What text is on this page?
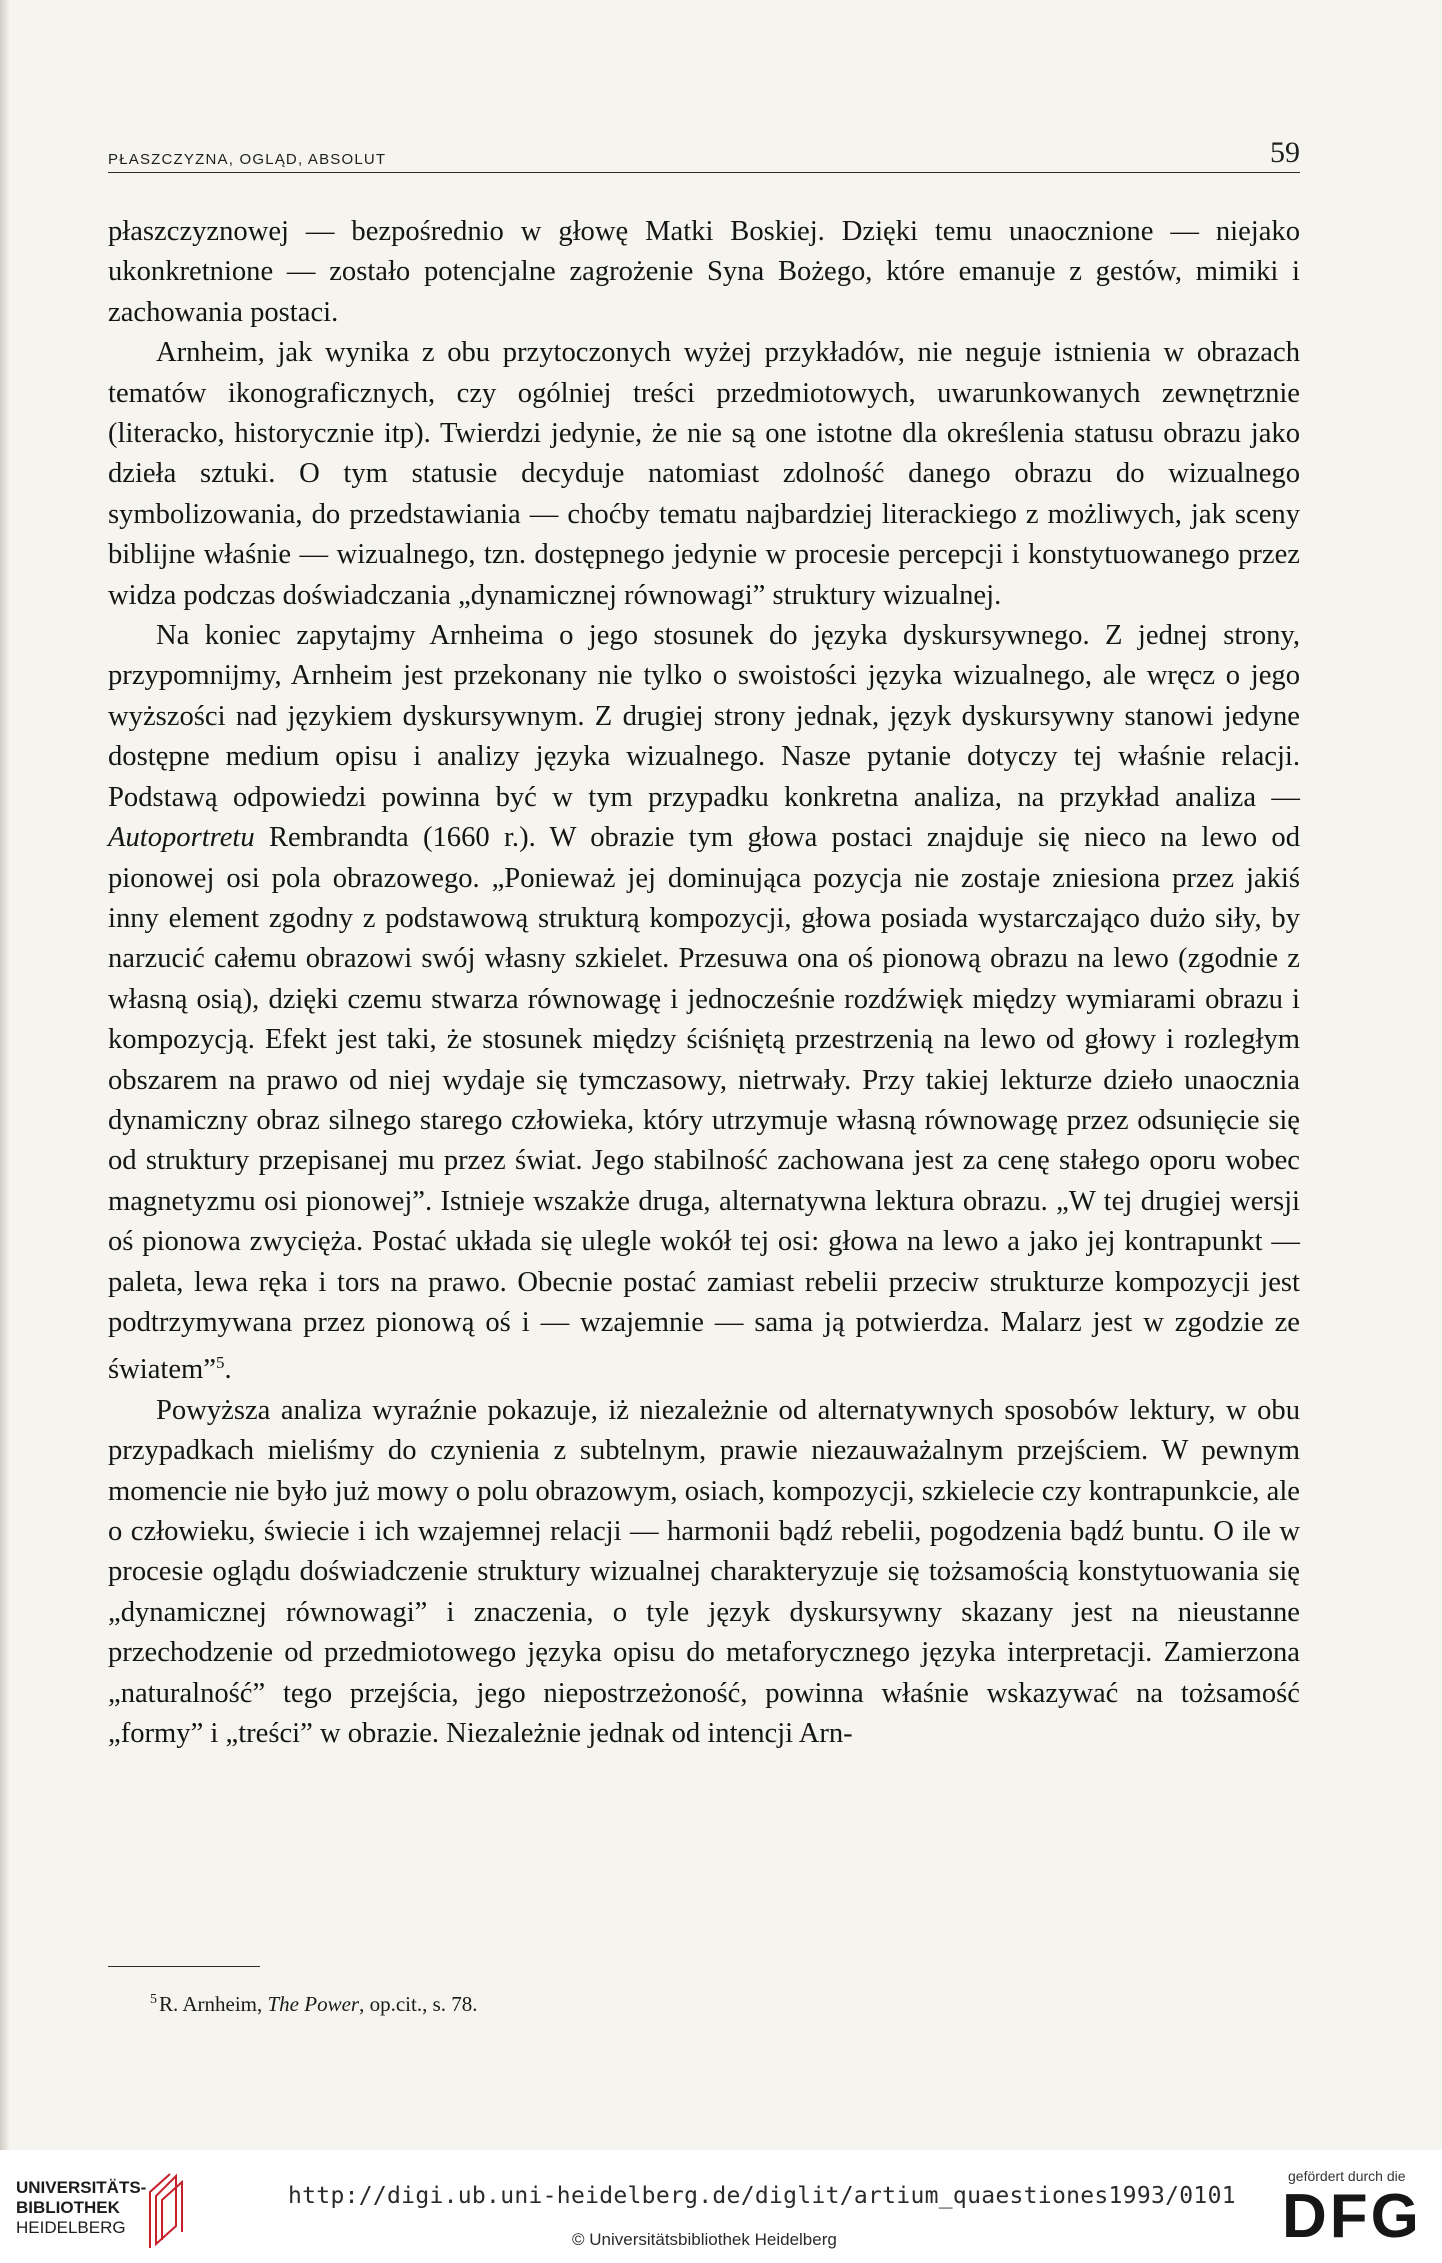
PŁASZCZYZNA, OGLĄD, ABSOLUT	59

płaszczyznowej — bezpośrednio w głowę Matki Boskiej. Dzięki temu unaocznione — niejako ukonkretnione — zostało potencjalne zagrożenie Syna Bożego, które emanuje z gestów, mimiki i zachowania postaci.

Arnheim, jak wynika z obu przytoczonych wyżej przykładów, nie neguje istnienia w obrazach tematów ikonograficznych, czy ogólniej treści przedmiotowych, uwarunkowanych zewnętrznie (literacko, historycznie itp). Twierdzi jedynie, że nie są one istotne dla określenia statusu obrazu jako dzieła sztuki. O tym statusie decyduje natomiast zdolność danego obrazu do wizualnego symbolizowania, do przedstawiania — choćby tematu najbardziej literackiego z możliwych, jak sceny biblijne właśnie — wizualnego, tzn. dostępnego jedynie w procesie percepcji i konstytuowanego przez widza podczas doświadczania „dynamicznej równowagi” struktury wizualnej.

Na koniec zapytajmy Arnheima o jego stosunek do języka dyskursywnego. Z jednej strony, przypomnijmy, Arnheim jest przekonany nie tylko o swoistości języka wizualnego, ale wręcz o jego wyższości nad językiem dyskursywnym. Z drugiej strony jednak, język dyskursywny stanowi jedyne dostępne medium opisu i analizy języka wizualnego. Nasze pytanie dotyczy tej właśnie relacji. Podstawą odpowiedzi powinna być w tym przypadku konkretna analiza, na przykład analiza — Autoportretu Rembrandta (1660 r.). W obrazie tym głowa postaci znajduje się nieco na lewo od pionowej osi pola obrazowego. „Ponieważ jej dominująca pozycja nie zostaje zniesiona przez jakiś inny element zgodny z podstawową strukturą kompozycji, głowa posiada wystarczająco dużo siły, by narzucić całemu obrazowi swój własny szkielet. Przesuwa ona oś pionową obrazu na lewo (zgodnie z własną osią), dzięki czemu stwarza równowagę i jednocześnie rozdźwięk między wymiarami obrazu i kompozycją. Efekt jest taki, że stosunek między ściśniętą przestrzenią na lewo od głowy i rozległym obszarem na prawo od niej wydaje się tymczasowy, nietrwały. Przy takiej lekturze dzieło unaocznia dynamiczny obraz silnego starego człowieka, który utrzymuje własną równowagę przez odsunięcie się od struktury przepisanej mu przez świat. Jego stabilność zachowana jest za cenę stałego oporu wobec magnetyzmu osi pionowej”. Istnieje wszakże druga, alternatywna lektura obrazu. „W tej drugiej wersji oś pionowa zwycięża. Postać układa się ulegle wokół tej osi: głowa na lewo a jako jej kontrapunkt — paleta, lewa ręka i tors na prawo. Obecnie postać zamiast rebelii przeciw strukturze kompozycji jest podtrzymywana przez pionową oś i — wzajemnie — sama ją potwierdza. Malarz jest w zgodzie ze światem”$^5$.

Powyższa analiza wyraźnie pokazuje, iż niezależnie od alternatywnych sposobów lektury, w obu przypadkach mieliśmy do czynienia z subtelnym, prawie niezauważalnym przejściem. W pewnym momencie nie było już mowy o polu obrazowym, osiach, kompozycji, szkielecie czy kontrapunkcie, ale o człowieku, świecie i ich wzajemnej relacji — harmonii bądź rebelii, pogodzenia bądź buntu. O ile w procesie oglądu doświadczenie struktury wizualnej charakteryzuje się tożsamością konstytuowania się „dynamicznej równowagi” i znaczenia, o tyle język dyskursywny skazany jest na nieustanne przechodzenie od przedmiotowego języka opisu do metaforycznego języka interpretacji. Zamierzona „naturalność” tego przejścia, jego niepostrzeżoność, powinna właśnie wskazywać na tożsamość „formy” i „treści” w obrazie. Niezależnie jednak od intencji Arn-

$^5$R. Arnheim, The Power, op.cit., s. 78.
UNIVERSITÄTS-
BIBLIOTHEK
HEIDELBERG
http://digi.ub.uni-heidelberg.de/diglit/artium_quaestiones1993/0101
© Universitätsbibliothek Heidelberg
gefördert durch die
DFG
